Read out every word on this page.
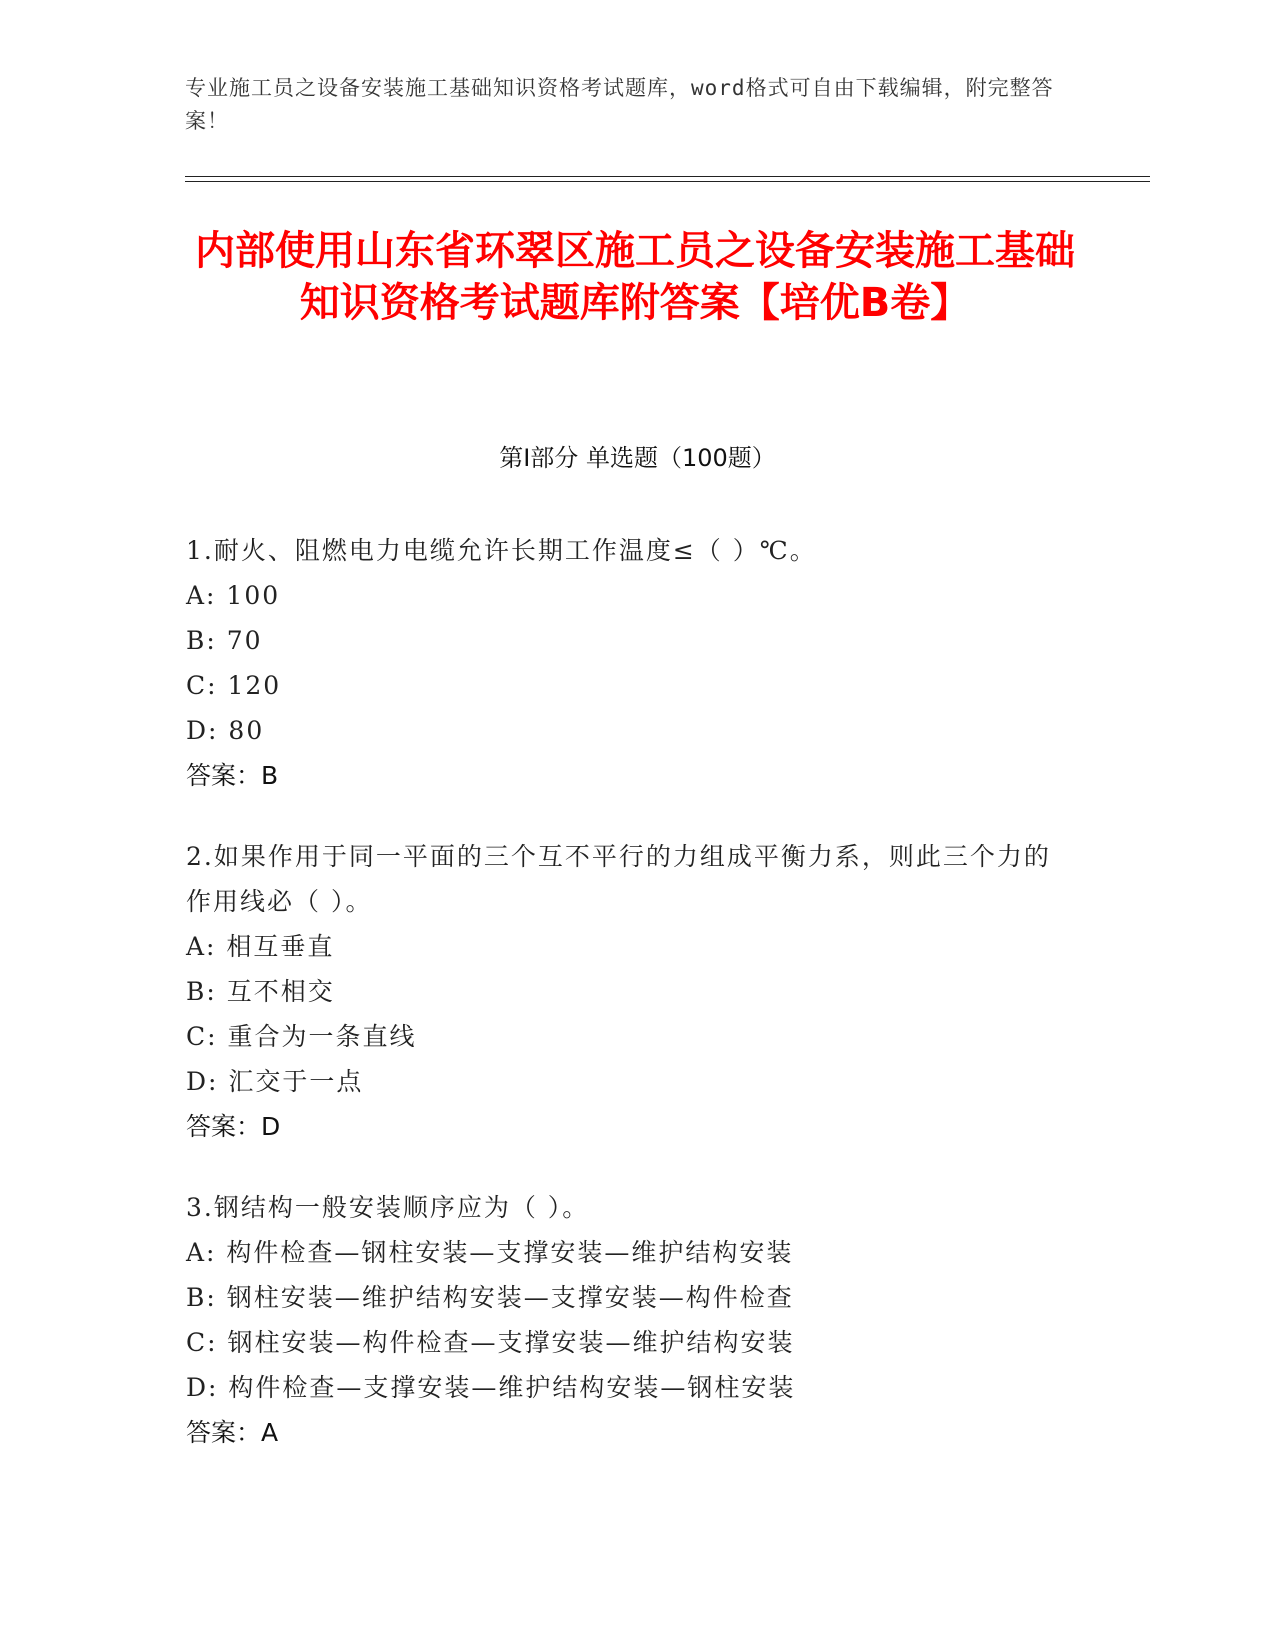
专业施工员之设备安装施工基础知识资格考试题库，word格式可自由下载编辑，附完整答案！
内部使用山东省环翠区施工员之设备安装施工基础知识资格考试题库附答案【培优B卷】
第Ⅰ部分 单选题（100题）
1.耐火、阻燃电力电缆允许长期工作温度≤（ ）℃。
A: 100
B: 70
C: 120
D: 80
答案：B
2.如果作用于同一平面的三个互不平行的力组成平衡力系，则此三个力的作用线必（ ）。
A: 相互垂直
B: 互不相交
C: 重合为一条直线
D: 汇交于一点
答案：D
3.钢结构一般安装顺序应为（ ）。
A: 构件检查—钢柱安装—支撑安装—维护结构安装
B: 钢柱安装—维护结构安装—支撑安装—构件检查
C: 钢柱安装—构件检查—支撑安装—维护结构安装
D: 构件检查—支撑安装—维护结构安装—钢柱安装
答案：A
